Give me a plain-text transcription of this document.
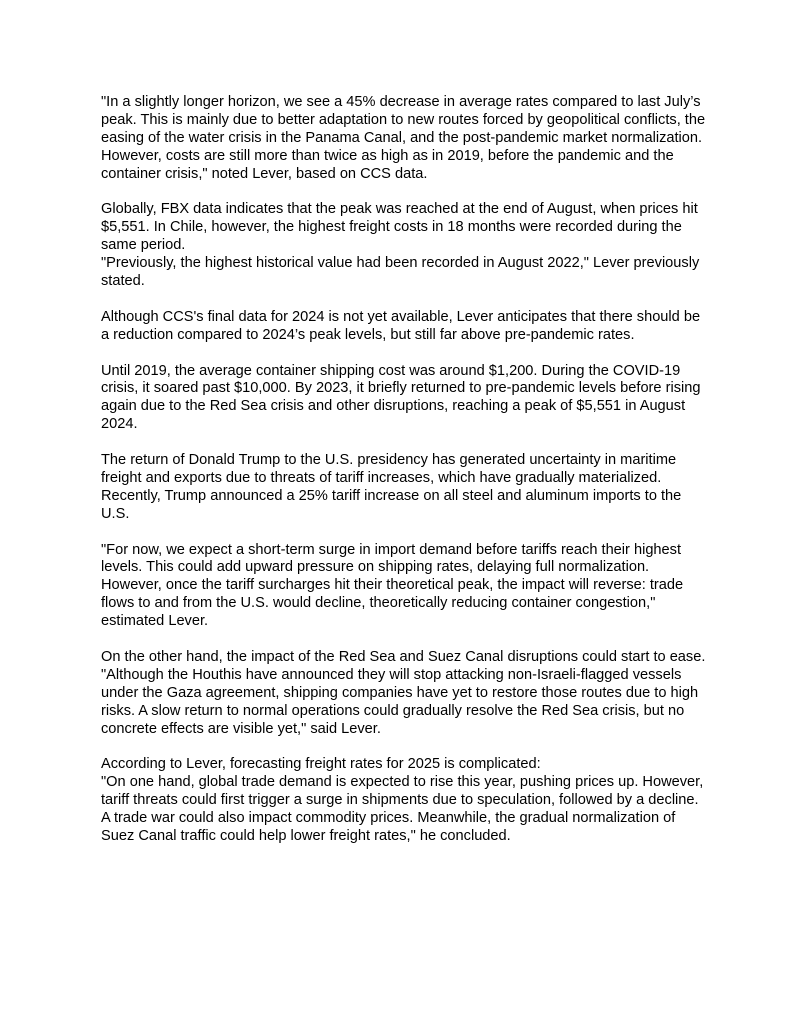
"In a slightly longer horizon, we see a 45% decrease in average rates compared to last July’s peak. This is mainly due to better adaptation to new routes forced by geopolitical conflicts, the easing of the water crisis in the Panama Canal, and the post-pandemic market normalization. However, costs are still more than twice as high as in 2019, before the pandemic and the container crisis," noted Lever, based on CCS data.

Globally, FBX data indicates that the peak was reached at the end of August, when prices hit $5,551. In Chile, however, the highest freight costs in 18 months were recorded during the same period.

"Previously, the highest historical value had been recorded in August 2022," Lever previously stated.

Although CCS's final data for 2024 is not yet available, Lever anticipates that there should be a reduction compared to 2024’s peak levels, but still far above pre-pandemic rates.

Until 2019, the average container shipping cost was around $1,200. During the COVID-19 crisis, it soared past $10,000. By 2023, it briefly returned to pre-pandemic levels before rising again due to the Red Sea crisis and other disruptions, reaching a peak of $5,551 in August 2024.

The return of Donald Trump to the U.S. presidency has generated uncertainty in maritime freight and exports due to threats of tariff increases, which have gradually materialized. Recently, Trump announced a 25% tariff increase on all steel and aluminum imports to the U.S.

"For now, we expect a short-term surge in import demand before tariffs reach their highest levels. This could add upward pressure on shipping rates, delaying full normalization. However, once the tariff surcharges hit their theoretical peak, the impact will reverse: trade flows to and from the U.S. would decline, theoretically reducing container congestion," estimated Lever.

On the other hand, the impact of the Red Sea and Suez Canal disruptions could start to ease.

"Although the Houthis have announced they will stop attacking non-Israeli-flagged vessels under the Gaza agreement, shipping companies have yet to restore those routes due to high risks. A slow return to normal operations could gradually resolve the Red Sea crisis, but no concrete effects are visible yet," said Lever.

According to Lever, forecasting freight rates for 2025 is complicated:

"On one hand, global trade demand is expected to rise this year, pushing prices up. However, tariff threats could first trigger a surge in shipments due to speculation, followed by a decline. A trade war could also impact commodity prices. Meanwhile, the gradual normalization of Suez Canal traffic could help lower freight rates," he concluded.
